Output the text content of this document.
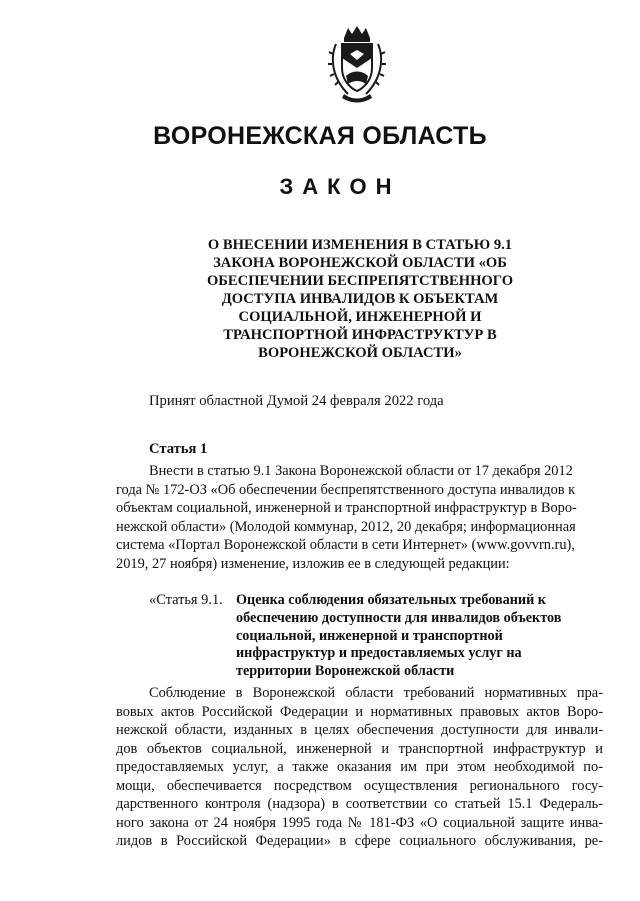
ВОРОНЕЖСКАЯ ОБЛАСТЬ
ЗАКОН
О ВНЕСЕНИИ ИЗМЕНЕНИЯ В СТАТЬЮ 9.1
ЗАКОНА ВОРОНЕЖСКОЙ ОБЛАСТИ «ОБ
ОБЕСПЕЧЕНИИ БЕСПРЕПЯТСТВЕННОГО
ДОСТУПА ИНВАЛИДОВ К ОБЪЕКТАМ
СОЦИАЛЬНОЙ, ИНЖЕНЕРНОЙ И
ТРАНСПОРТНОЙ ИНФРАСТРУКТУР В
ВОРОНЕЖСКОЙ ОБЛАСТИ»
Принят областной Думой 24 февраля 2022 года
Статья 1

Внести в статью 9.1 Закона Воронежской области от 17 декабря 2012
года № 172-ОЗ «Об обеспечении беспрепятственного доступа инвалидов к
объектам социальной, инженерной и транспортной инфраструктур в Воро-
нежской области» (Молодой коммунар, 2012, 20 декабря; информационная
система «Портал Воронежской области в сети Интернет» (www.govvrn.ru),
2019, 27 ноября) изменение, изложив ее в следующей редакции:

«Статья 9.1. Оценка соблюдения обязательных требований к
обеспечению доступности для инвалидов объектов
социальной, инженерной и транспортной
инфраструктур и предоставляемых услуг на
территории Воронежской области

Соблюдение в Воронежской области требований нормативных пра-
вовых актов Российской Федерации и нормативных правовых актов Воро-
нежской области, изданных в целях обеспечения доступности для инвали-
дов объектов социальной, инженерной и транспортной инфраструктур и
предоставляемых услуг, а также оказания им при этом необходимой по-
мощи, обеспечивается посредством осуществления регионального госу-
дарственного контроля (надзора) в соответствии со статьей 15.1 Федераль-
ного закона от 24 ноября 1995 года № 181-ФЗ «О социальной защите инва-
лидов в Российской Федерации» в сфере социального обслуживания, ре-
